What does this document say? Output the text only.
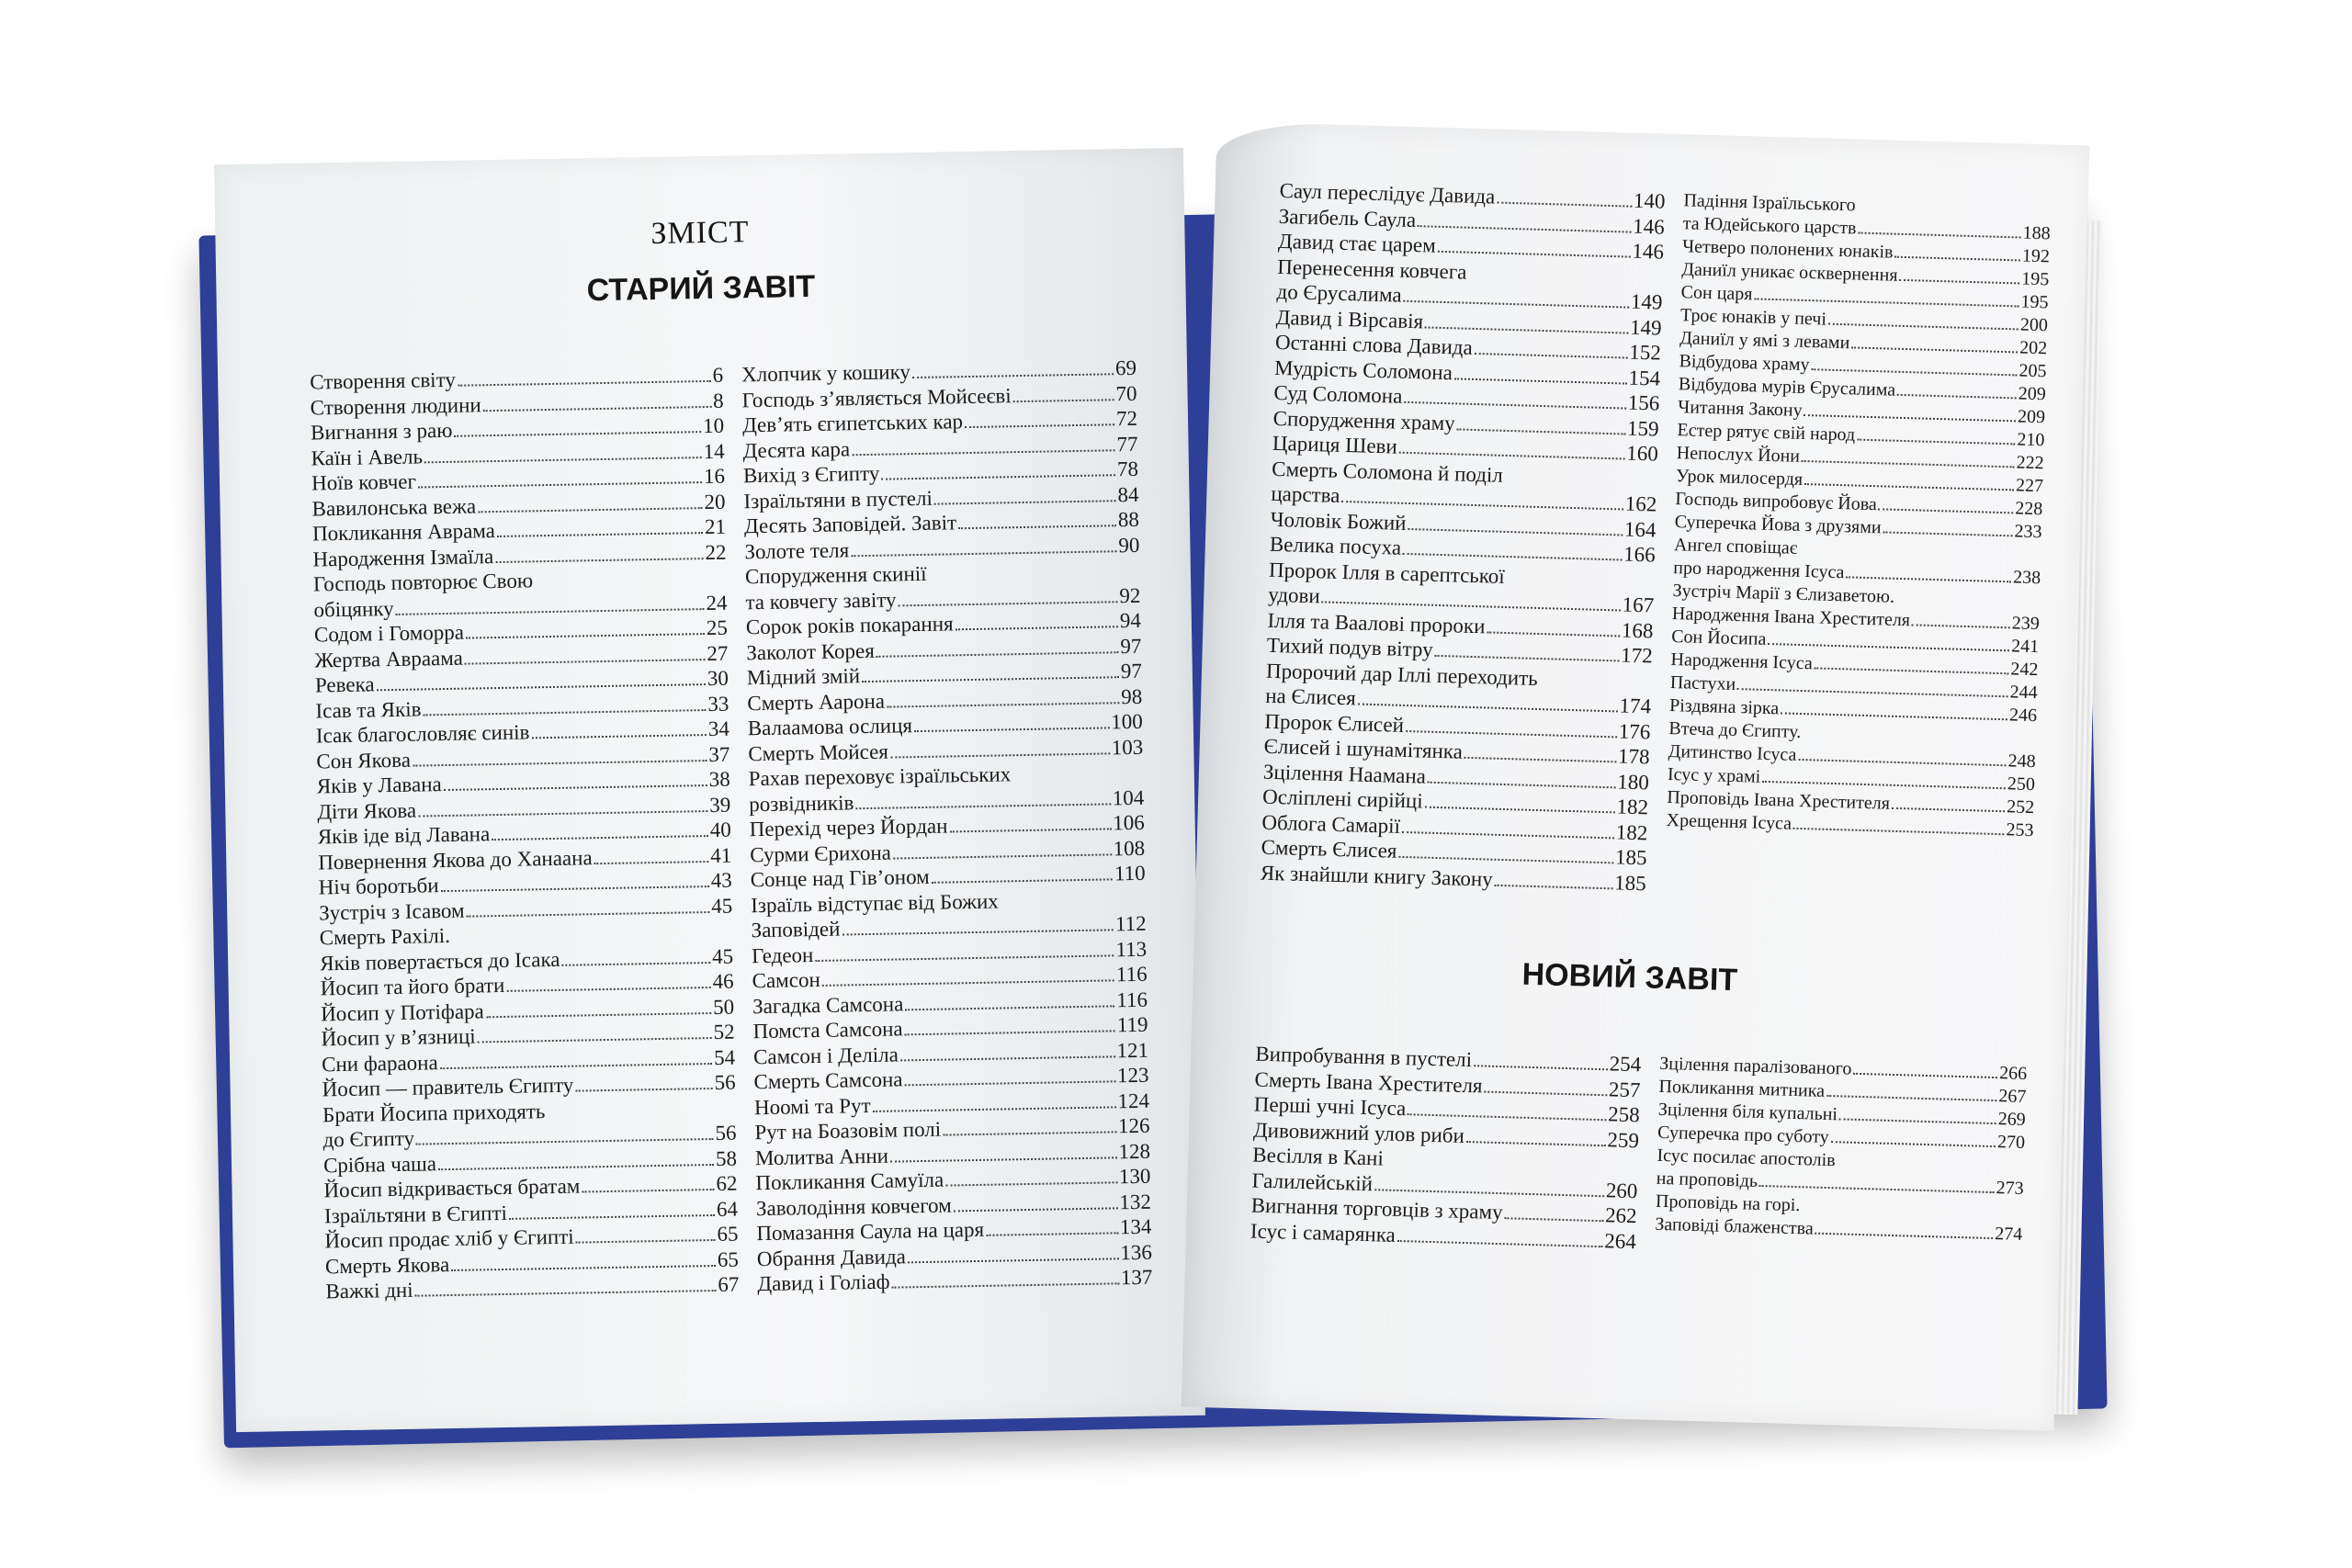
ЗМІСТ
СТАРИЙ ЗАВІТ
Створення світу	6
Створення людини	8
Вигнання з раю	10
Каїн і Авель	14
Ноїв ковчег	16
Вавилонська вежа	20
Покликання Аврама	21
Народження Ізмаїла	22
Господь повторює Свою
обіцянку	24
Содом і Гоморра	25
Жертва Авраама	27
Ревека	30
Ісав та Яків	33
Ісак благословляє синів	34
Сон Якова	37
Яків у Лавана	38
Діти Якова	39
Яків іде від Лавана	40
Повернення Якова до Ханаана	41
Ніч боротьби	43
Зустріч з Ісавом	45
Смерть Рахілі.
Яків повертається до Ісака	45
Йосип та його брати	46
Йосип у Потіфара	50
Йосип у в’язниці	52
Сни фараона	54
Йосип — правитель Єгипту	56
Брати Йосипа приходять
до Єгипту	56
Срібна чаша	58
Йосип відкривається братам	62
Ізраїльтяни в Єгипті	64
Йосип продає хліб у Єгипті	65
Смерть Якова	65
Важкі дні	67
Хлопчик у кошику	69
Господь з’являється Мойсеєві	70
Дев’ять єгипетських кар	72
Десята кара	77
Вихід з Єгипту	78
Ізраїльтяни в пустелі	84
Десять Заповідей. Завіт	88
Золоте теля	90
Спорудження скинії
та ковчегу завіту	92
Сорок років покарання	94
Заколот Корея	97
Мідний змій	97
Смерть Аарона	98
Валаамова ослиця	100
Смерть Мойсея	103
Рахав переховує ізраїльських
розвідників	104
Перехід через Йордан	106
Сурми Єрихона	108
Сонце над Гів’оном	110
Ізраїль відступає від Божих
Заповідей	112
Гедеон	113
Самсон	116
Загадка Самсона	116
Помста Самсона	119
Самсон і Деліла	121
Смерть Самсона	123
Ноомі та Рут	124
Рут на Боазовім полі	126
Молитва Анни	128
Покликання Самуїла	130
Заволодіння ковчегом	132
Помазання Саула на царя	134
Обрання Давида	136
Давид і Голіаф	137
Саул переслідує Давида	140
Загибель Саула	146
Давид стає царем	146
Перенесення ковчега
до Єрусалима	149
Давид і Вірсавія	149
Останні слова Давида	152
Мудрість Соломона	154
Суд Соломона	156
Спорудження храму	159
Цариця Шеви	160
Смерть Соломона й поділ
царства	162
Чоловік Божий	164
Велика посуха	166
Пророк Ілля в сарептської
удови	167
Ілля та Ваалові пророки	168
Тихий подув вітру	172
Пророчий дар Іллі переходить
на Єлисея	174
Пророк Єлисей	176
Єлисей і шунамітянка	178
Зцілення Наамана	180
Осліплені сирійці	182
Облога Самарії	182
Смерть Єлисея	185
Як знайшли книгу Закону	185
Падіння Ізраїльського
та Юдейського царств	188
Четверо полонених юнаків	192
Даниїл уникає осквернення	195
Сон царя	195
Троє юнаків у печі	200
Даниїл у ямі з левами	202
Відбудова храму	205
Відбудова мурів Єрусалима	209
Читання Закону	209
Естер рятує свій народ	210
Непослух Йони	222
Урок милосердя	227
Господь випробовує Йова	228
Суперечка Йова з друзями	233
Ангел сповіщає
про народження Ісуса	238
Зустріч Марії з Єлизаветою.
Народження Івана Хрестителя	239
Сон Йосипа	241
Народження Ісуса	242
Пастухи	244
Різдвяна зірка	246
Втеча до Єгипту.
Дитинство Ісуса	248
Ісус у храмі	250
Проповідь Івана Хрестителя	252
Хрещення Ісуса	253
НОВИЙ ЗАВІТ
Випробування в пустелі	254
Смерть Івана Хрестителя	257
Перші учні Ісуса	258
Дивовижний улов риби	259
Весілля в Кані
Галилейській	260
Вигнання торговців з храму	262
Ісус і самарянка	264
Зцілення паралізованого	266
Покликання митника	267
Зцілення біля купальні	269
Суперечка про суботу	270
Ісус посилає апостолів
на проповідь	273
Проповідь на горі.
Заповіді блаженства	274
